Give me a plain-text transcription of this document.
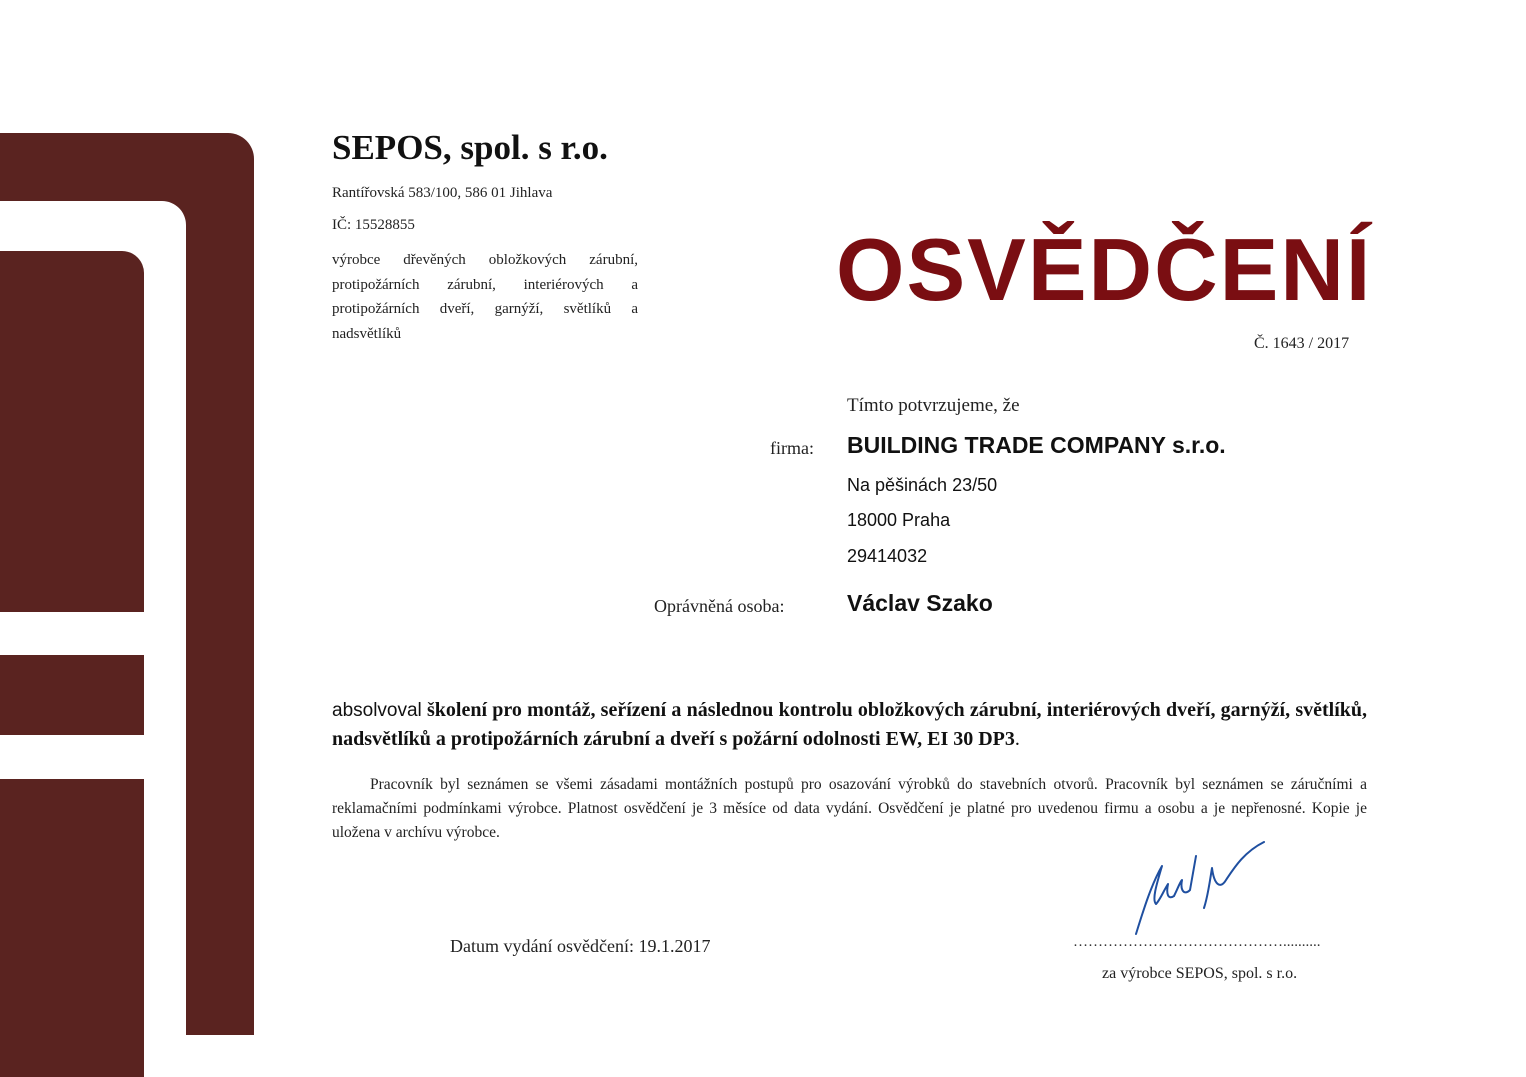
SEPOS, spol. s r.o.
Rantířovská 583/100, 586 01 Jihlava
IČ: 15528855
výrobce dřevěných obložkových zárubní, protipožárních zárubní, interiérových a protipožárních dveří, garnýží, světlíků a nadsvětlíků
OSVĚDČENÍ
Č. 1643 / 2017
Tímto potvrzujeme, že
firma: BUILDING TRADE COMPANY s.r.o.
Na pěšinách 23/50
18000 Praha
29414032
Oprávněná osoba:	Václav Szako
absolvoval školení pro montáž, seřízení a následnou kontrolu obložkových zárubní, interiérových dveří, garnýží, světlíků, nadsvětlíků a protipožárních zárubní a dveří s požární odolnosti EW, EI 30 DP3.
Pracovník byl seznámen se všemi zásadami montážních postupů pro osazování výrobků do stavebních otvorů. Pracovník byl seznámen se záručními a reklamačními podmínkami výrobce. Platnost osvědčení je 3 měsíce od data vydání. Osvědčení je platné pro uvedenou firmu a osobu a je nepřenosné. Kopie je uložena v archívu výrobce.
Datum vydání osvědčení: 19.1.2017	……………………………………..........
za výrobce SEPOS, spol. s r.o.
